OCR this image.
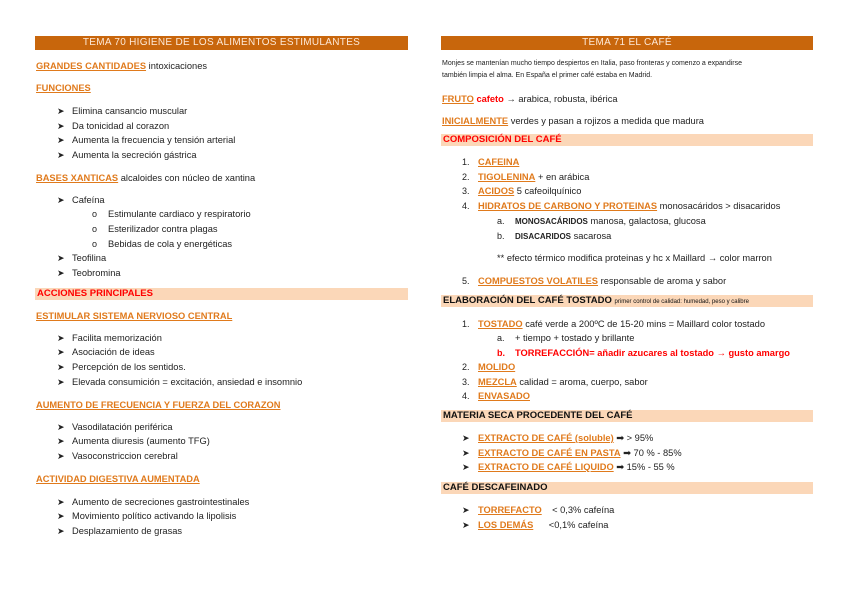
TEMA 70 HIGIENE DE LOS ALIMENTOS ESTIMULANTES
GRANDES CANTIDADES intoxicaciones
FUNCIONES
➤ Elimina cansancio muscular
➤ Da tonicidad al corazon
➤ Aumenta la frecuencia y tensión arterial
➤ Aumenta la secreción gástrica
BASES XANTICAS alcaloides con núcleo de xantina
➤ Cafeína
o Estimulante cardiaco y respiratorio
o Esterilizador contra plagas
o Bebidas de cola y energéticas
➤ Teofilina
➤ Teobromina
ACCIONES PRINCIPALES
ESTIMULAR SISTEMA NERVIOSO CENTRAL
➤ Facilita memorización
➤ Asociación de ideas
➤ Percepción de los sentidos.
➤ Elevada consumición = excitación, ansiedad e insomnio
AUMENTO DE FRECUENCIA Y FUERZA DEL CORAZON
➤ Vasodilatación periférica
➤ Aumenta diuresis (aumento TFG)
➤ Vasoconstriccion cerebral
ACTIVIDAD DIGESTIVA AUMENTADA
➤ Aumento de secreciones gastrointestinales
➤ Movimiento político activando la lipolisis
➤ Desplazamiento de grasas
TEMA 71 EL CAFÉ
Monjes se mantenían mucho tiempo despiertos en Italia, paso fronteras y comenzo a expandirse
también limpia el alma. En España el primer café estaba en Madrid.
FRUTO cafeto → arabica, robusta, ibérica
INICIALMENTE verdes y pasan a rojizos a medida que madura
COMPOSICIÓN DEL CAFÉ
1. CAFEINA
2. TIGOLENINA + en arábica
3. ACIDOS 5 cafeoilquínico
4. HIDRATOS DE CARBONO Y PROTEINAS monosacáridos > disacaridos
a. MONOSACÁRIDOS manosa, galactosa, glucosa
b. DISACARIDOS sacarosa
** efecto térmico modifica proteinas y hc x Maillard → color marron
5. COMPUESTOS VOLATILES responsable de aroma y sabor
ELABORACIÓN DEL CAFÉ TOSTADO primer control de calidad: humedad, peso y calibre
1. TOSTADO café verde a 200ºC de 15-20 mins = Maillard color tostado
a. + tiempo + tostado y brillante
b. TORREFACCIÓN= añadir azucares al tostado → gusto amargo
2. MOLIDO
3. MEZCLA calidad = aroma, cuerpo, sabor
4. ENVASADO
MATERIA SECA PROCEDENTE DEL CAFÉ
➤ EXTRACTO DE CAFÉ (soluble) ➡ > 95%
➤ EXTRACTO DE CAFÉ EN PASTA ➡ 70 % - 85%
➤ EXTRACTO DE CAFÉ LIQUIDO ➡ 15% - 55 %
CAFÉ DESCAFEINADO
➤ TORREFACTO < 0,3% cafeína
➤ LOS DEMÁS <0,1% cafeína
